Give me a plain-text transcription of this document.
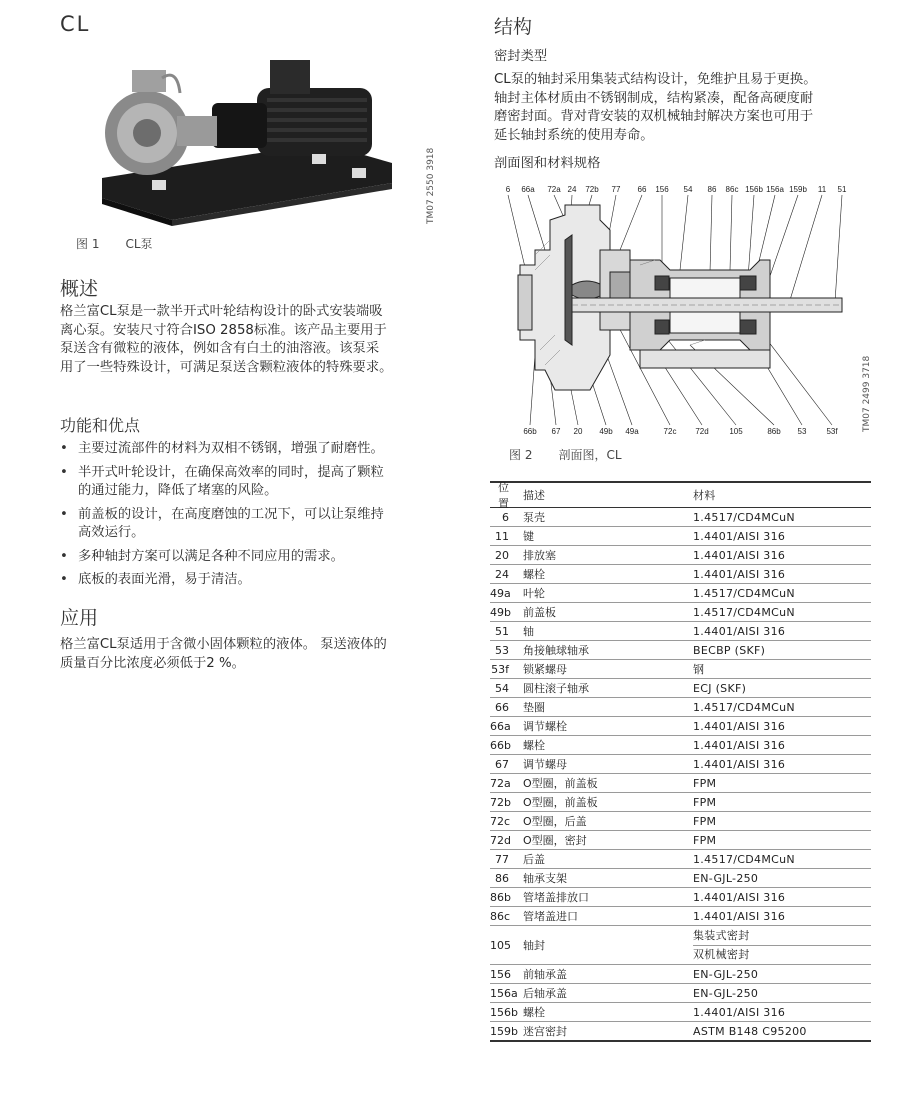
CL
TM07 2550 3918
图 1 CL泵
概述

格兰富CL泵是一款半开式叶轮结构设计的卧式安装端吸

离心泵。安装尺寸符合ISO 2858标准。该产品主要用于

泵送含有微粒的液体，例如含有白土的油溶液。该泵采

用了一些特殊设计，可满足泵送含颗粒液体的特殊要求。

功能和优点
• 主要过流部件的材料为双相不锈钢，增强了耐磨性。
• 半开式叶轮设计，在确保高效率的同时，提高了颗粒
的通过能力，降低了堵塞的风险。
• 前盖板的设计，在高度磨蚀的工况下，可以让泵维持
高效运行。
• 多种轴封方案可以满足各种不同应用的需求。
• 底板的表面光滑，易于清洁。
应用

格兰富CL泵适用于含微小固体颗粒的液体。 泵送液体的

质量百分比浓度必须低于2 %。

结构
密封类型

CL泵的轴封采用集装式结构设计，免维护且易于更换。

轴封主体材质由不锈钢制成，结构紧凑，配备高硬度耐

磨密封面。背对背安装的双机械轴封解决方案也可用于

延长轴封系统的使用寿命。

剖面图和材料规格
6 66a 72a 24 72b 77 66 156 54 86 86c 156b 156a 159b 11 51
66b 67 20 49b 49a	72c 72d	105	86b 53 53f	TM07 2499 3718
图 2 剖面图，CL
位置
描述	材料
6	泵壳	1.4517/CD4MCuN
11	键	1.4401/AISI 316
20	排放塞	1.4401/AISI 316
24	螺栓	1.4401/AISI 316
49a	叶轮	1.4517/CD4MCuN
49b	前盖板	1.4517/CD4MCuN
51	轴	1.4401/AISI 316
53	角接触球轴承	BECBP (SKF)
53f	锁紧螺母	钢
54	圆柱滚子轴承	ECJ (SKF)
66	垫圈	1.4517/CD4MCuN
66a	调节螺栓	1.4401/AISI 316
66b	螺栓	1.4401/AISI 316
67	调节螺母	1.4401/AISI 316
72a	O型圈，前盖板	FPM
72b	O型圈，前盖板	FPM
72c	O型圈，后盖	FPM
72d	O型圈，密封	FPM
77	后盖	1.4517/CD4MCuN
86	轴承支架	EN-GJL-250
86b	管堵盖排放口	1.4401/AISI 316
86c	管堵盖进口	1.4401/AISI 316
105	轴封
集装式密封
双机械密封
156	前轴承盖	EN-GJL-250
156a 后轴承盖	EN-GJL-250
156b 螺栓	1.4401/AISI 316
159b 迷宫密封	ASTM B148 C95200
